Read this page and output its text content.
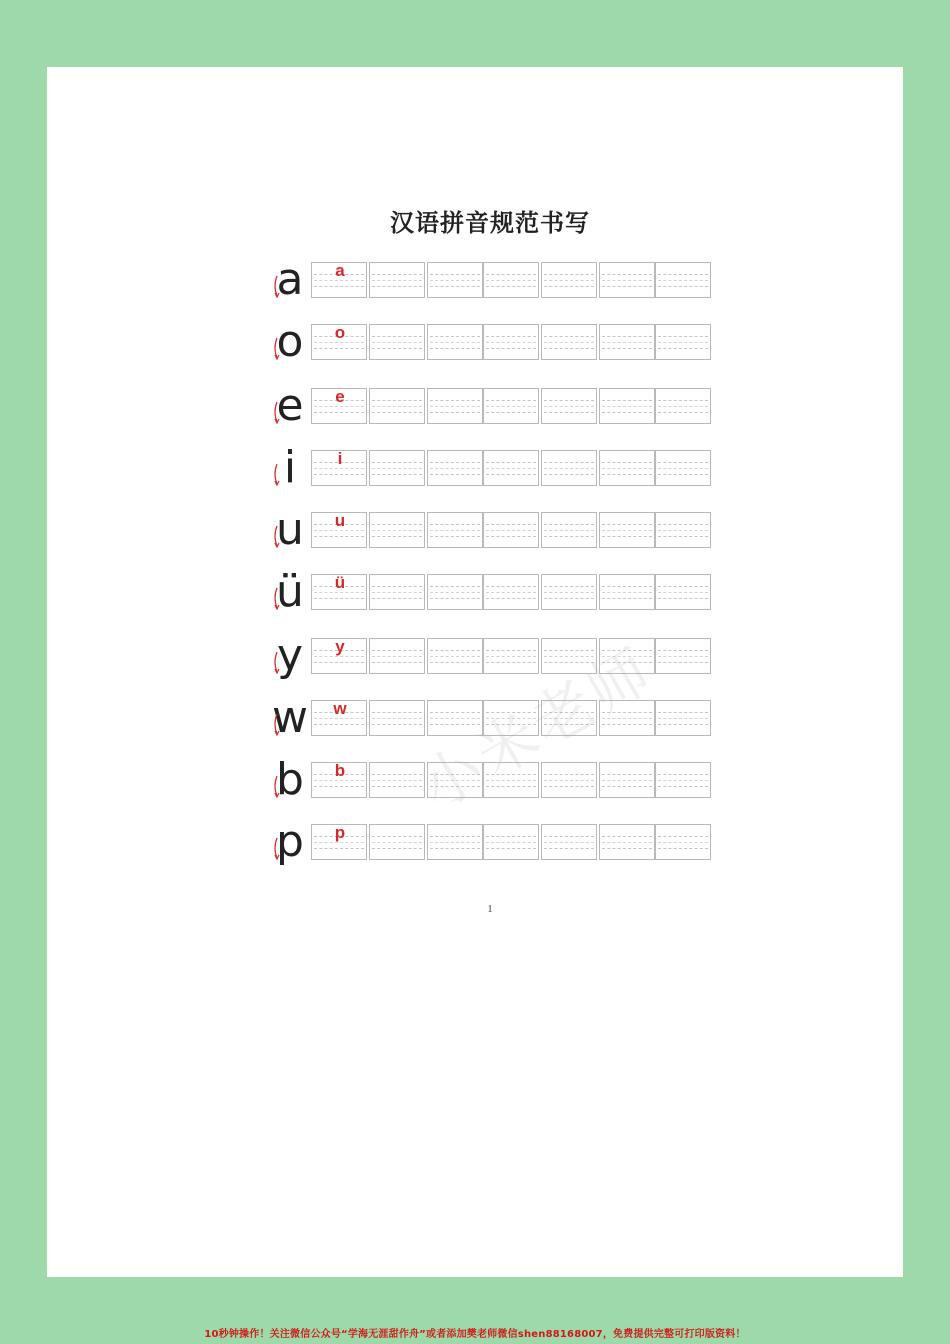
汉语拼音规范书写
a	a
o	o
e	e
i	i
u	u
ü	ü
y	y
w	w
b	b
p	p
1
10秒钟操作！关注微信公众号“学海无涯甜作舟”或者添加樊老师微信shen88168007，免费提供完整可打印版资料！
